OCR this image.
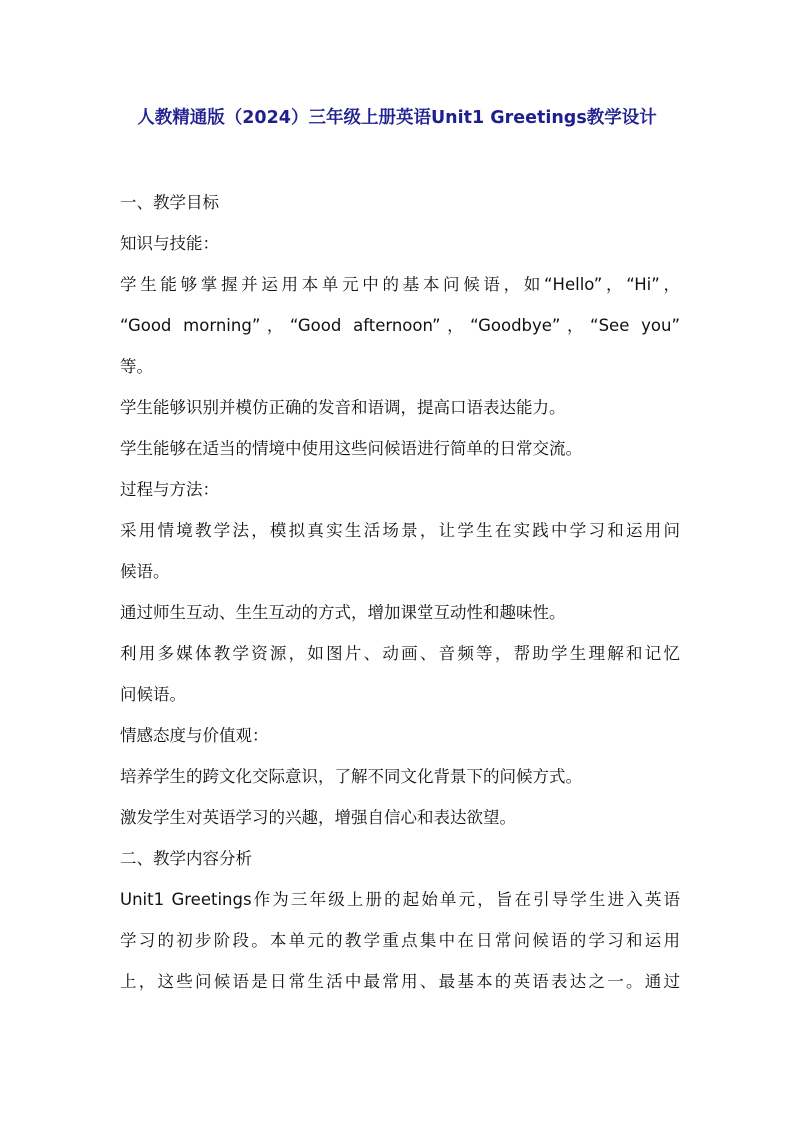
人教精通版（2024）三年级上册英语Unit1 Greetings教学设计
一、教学目标
知识与技能：
学生能够掌握并运用本单元中的基本问候语，如“Hello”，“Hi”，
“Good morning”，“Good afternoon”，“Goodbye”，“See you”
等。
学生能够识别并模仿正确的发音和语调，提高口语表达能力。
学生能够在适当的情境中使用这些问候语进行简单的日常交流。
过程与方法：
采用情境教学法，模拟真实生活场景，让学生在实践中学习和运用问
候语。
通过师生互动、生生互动的方式，增加课堂互动性和趣味性。
利用多媒体教学资源，如图片、动画、音频等，帮助学生理解和记忆
问候语。
情感态度与价值观：
培养学生的跨文化交际意识，了解不同文化背景下的问候方式。
激发学生对英语学习的兴趣，增强自信心和表达欲望。
二、教学内容分析
Unit1 Greetings作为三年级上册的起始单元，旨在引导学生进入英语
学习的初步阶段。本单元的教学重点集中在日常问候语的学习和运用
上，这些问候语是日常生活中最常用、最基本的英语表达之一。通过
